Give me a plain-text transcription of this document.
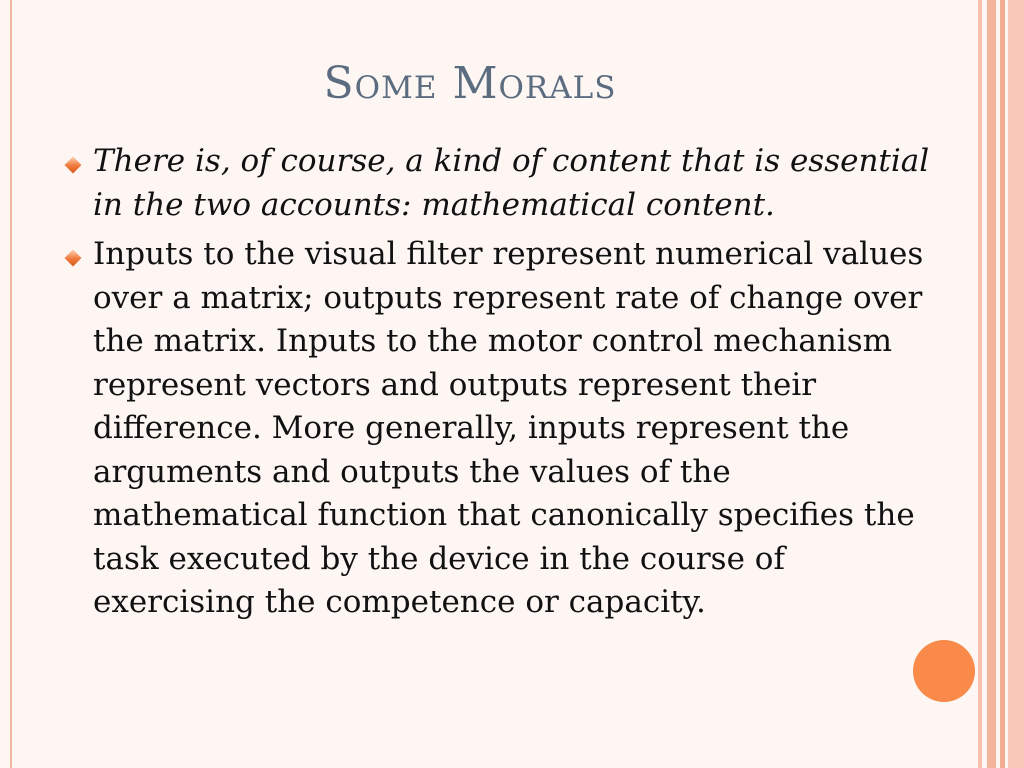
Some Morals
There is, of course, a kind of content that is essential in the two accounts: mathematical content.
Inputs to the visual filter represent numerical values over a matrix; outputs represent rate of change over the matrix. Inputs to the motor control mechanism represent vectors and outputs represent their difference. More generally, inputs represent the arguments and outputs the values of the mathematical function that canonically specifies the task executed by the device in the course of exercising the competence or capacity.
